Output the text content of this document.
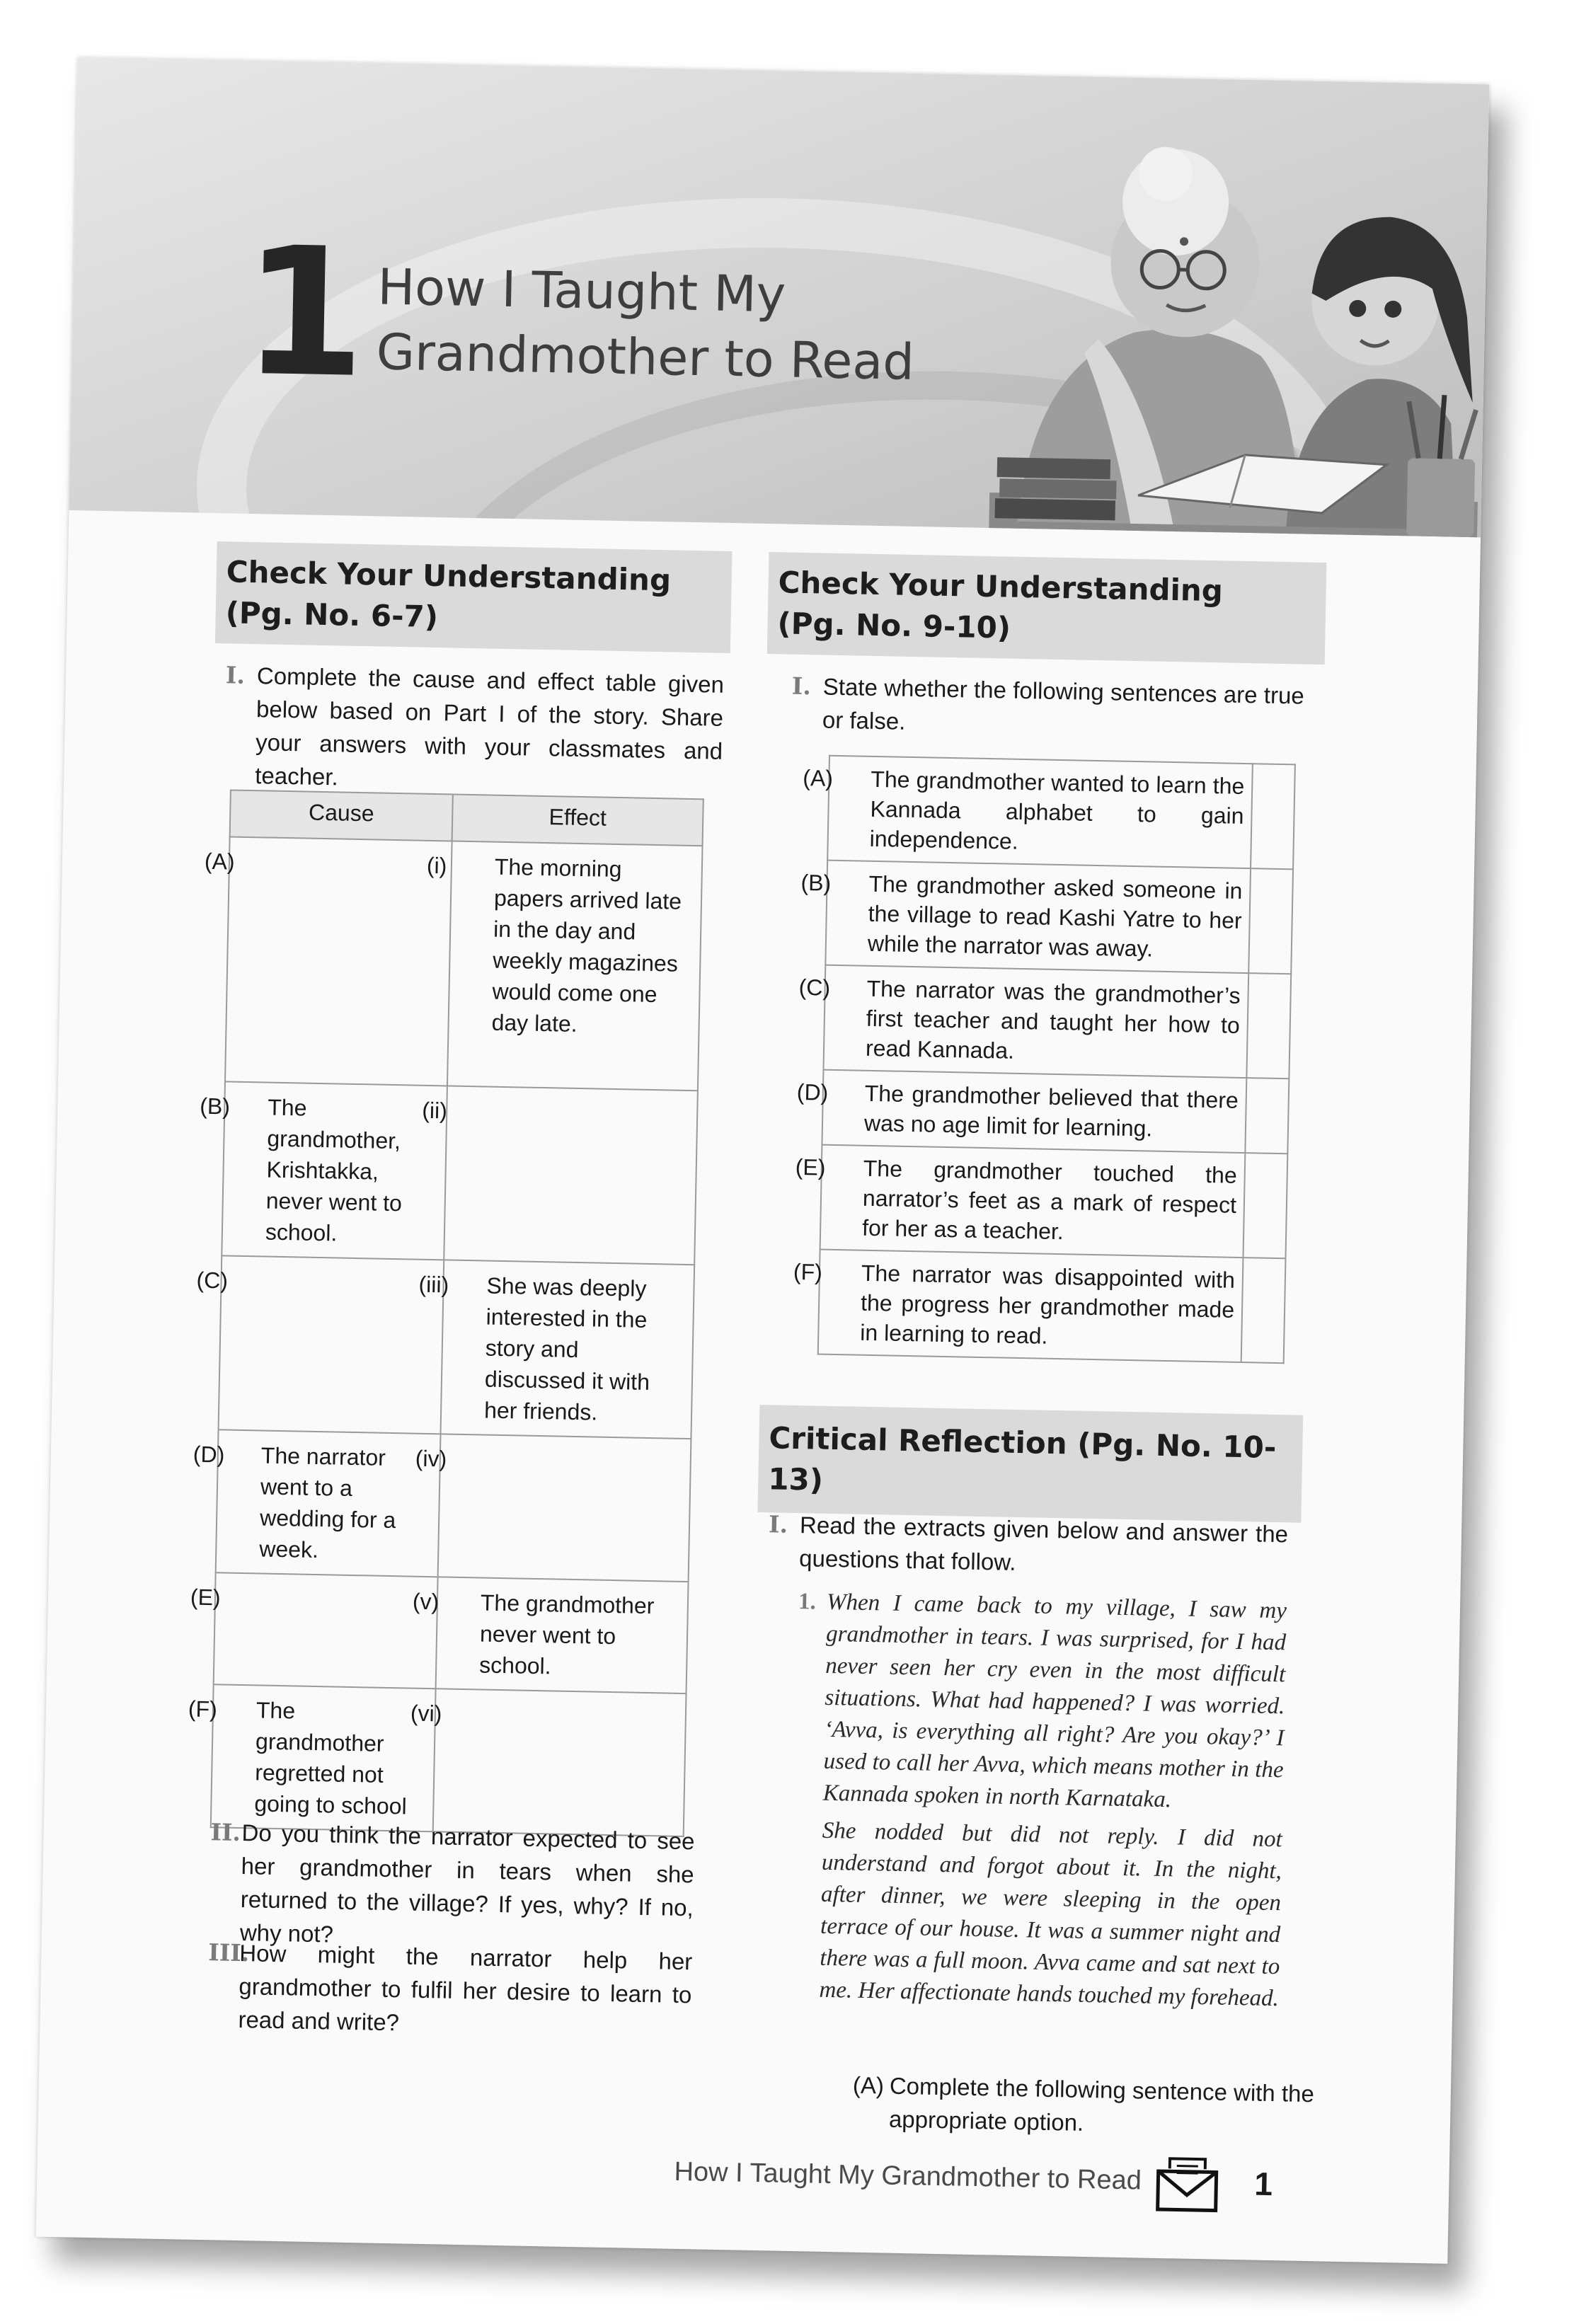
1 How I Taught My
Grandmother to Read
Check Your Understanding
(Pg. No. 6-7)
I. Complete the cause and effect table given below based on Part I of the story. Share your answers with your classmates and teacher.
Cause	Effect

(A)	(i) The morning papers arrived late in the day and weekly magazines would come one day late.

(B) The grandmother, Krishtakka, never went to school.	(ii)

(C)	(iii) She was deeply interested in the story and discussed it with her friends.

(D) The narrator went to a wedding for a week.	(iv)

(E)	(v) The grandmother never went to school.

(F) The grandmother regretted not going to school	(vi)
II. Do you think the narrator expected to see her grandmother in tears when she returned to the village? If yes, why? If no, why not?
III.
How might the narrator help her grandmother to fulfil her desire to learn to read and write?
Check Your Understanding
(Pg. No. 9-10)
I. State whether the following sentences are true or false.
(A) The grandmother wanted to learn the Kannada alphabet to gain independence.	

(B) The grandmother asked someone in the village to read Kashi Yatre to her while the narrator was away.	

(C) The narrator was the grandmother’s first teacher and taught her how to read Kannada.	

(D) The grandmother believed that there was no age limit for learning.	

(E) The grandmother touched the narrator’s feet as a mark of respect for her as a teacher.	

(F) The narrator was disappointed with the progress her grandmother made in learning to read.	

Critical Reflection (Pg. No. 10-13)
I. Read the extracts given below and answer the questions that follow.
1. When I came back to my village, I saw my grandmother in tears. I was surprised, for I had never seen her cry even in the most difficult situations. What had happened? I was worried. ‘Avva, is everything all right? Are you okay?’ I used to call her Avva, which means mother in the Kannada spoken in north Karnataka.
She nodded but did not reply. I did not understand and forgot about it. In the night, after dinner, we were sleeping in the open terrace of our house. It was a summer night and there was a full moon. Avva came and sat next to me. Her affectionate hands touched my forehead.
(A) Complete the following sentence with the appropriate option.
How I Taught My Grandmother to Read	1
